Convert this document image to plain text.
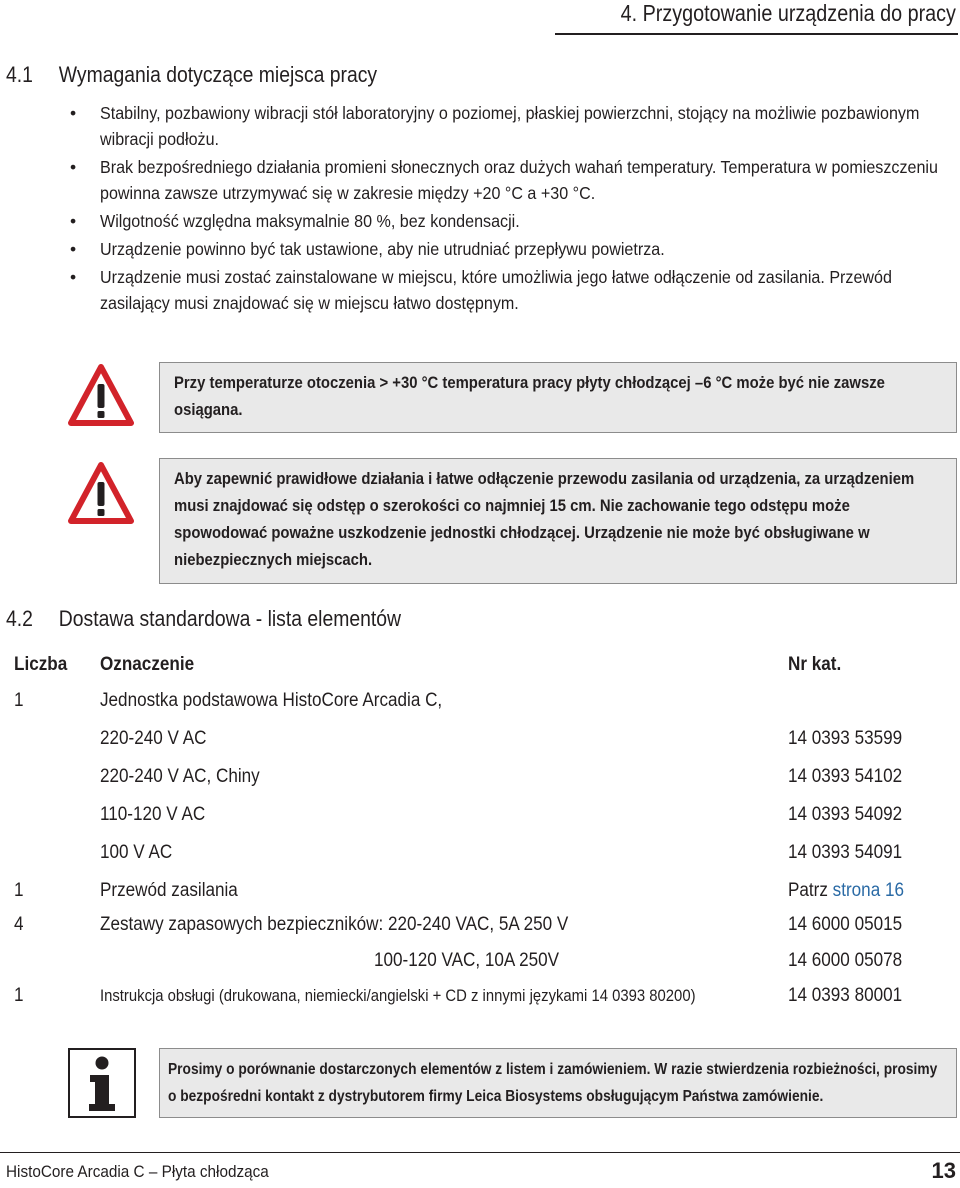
4. Przygotowanie urządzenia do pracy
4.1 Wymagania dotyczące miejsca pracy
• Stabilny, pozbawiony wibracji stół laboratoryjny o poziomej, płaskiej powierzchni, stojący na możliwie pozbawionym wibracji podłożu.
• Brak bezpośredniego działania promieni słonecznych oraz dużych wahań temperatury. Temperatura w pomieszczeniu powinna zawsze utrzymywać się w zakresie między +20 °C a +30 °C.
• Wilgotność względna maksymalnie 80 %, bez kondensacji.
• Urządzenie powinno być tak ustawione, aby nie utrudniać przepływu powietrza.
• Urządzenie musi zostać zainstalowane w miejscu, które umożliwia jego łatwe odłączenie od zasilania. Przewód zasilający musi znajdować się w miejscu łatwo dostępnym.
Przy temperaturze otoczenia > +30 °C temperatura pracy płyty chłodzącej –6 °C może być nie zawsze osiągana.
Aby zapewnić prawidłowe działania i łatwe odłączenie przewodu zasilania od urządzenia, za urządzeniem musi znajdować się odstęp o szerokości co najmniej 15 cm. Nie zachowanie tego odstępu może spowodować poważne uszkodzenie jednostki chłodzącej. Urządzenie nie może być obsługiwane w niebezpiecznych miejscach.
4.2 Dostawa standardowa - lista elementów
Liczba Oznaczenie	Nr kat.
1	Jednostka podstawowa HistoCore Arcadia C,
220-240 V AC	14 0393 53599
220-240 V AC, Chiny	14 0393 54102
110-120 V AC	14 0393 54092
100 V AC	14 0393 54091
1	Przewód zasilania	Patrz strona 16
4	Zestawy zapasowych bezpieczników: 220-240 VAC, 5A 250 V	14 6000 05015
100-120 VAC, 10A 250V	14 6000 05078
1	Instrukcja obsługi (drukowana, niemiecki/angielski + CD z innymi językami 14 0393 80200)	14 0393 80001
Prosimy o porównanie dostarczonych elementów z listem i zamówieniem. W razie stwierdzenia rozbieżności, prosimy o bezpośredni kontakt z dystrybutorem firmy Leica Biosystems obsługującym Państwa zamówienie.
HistoCore Arcadia C – Płyta chłodząca	13
